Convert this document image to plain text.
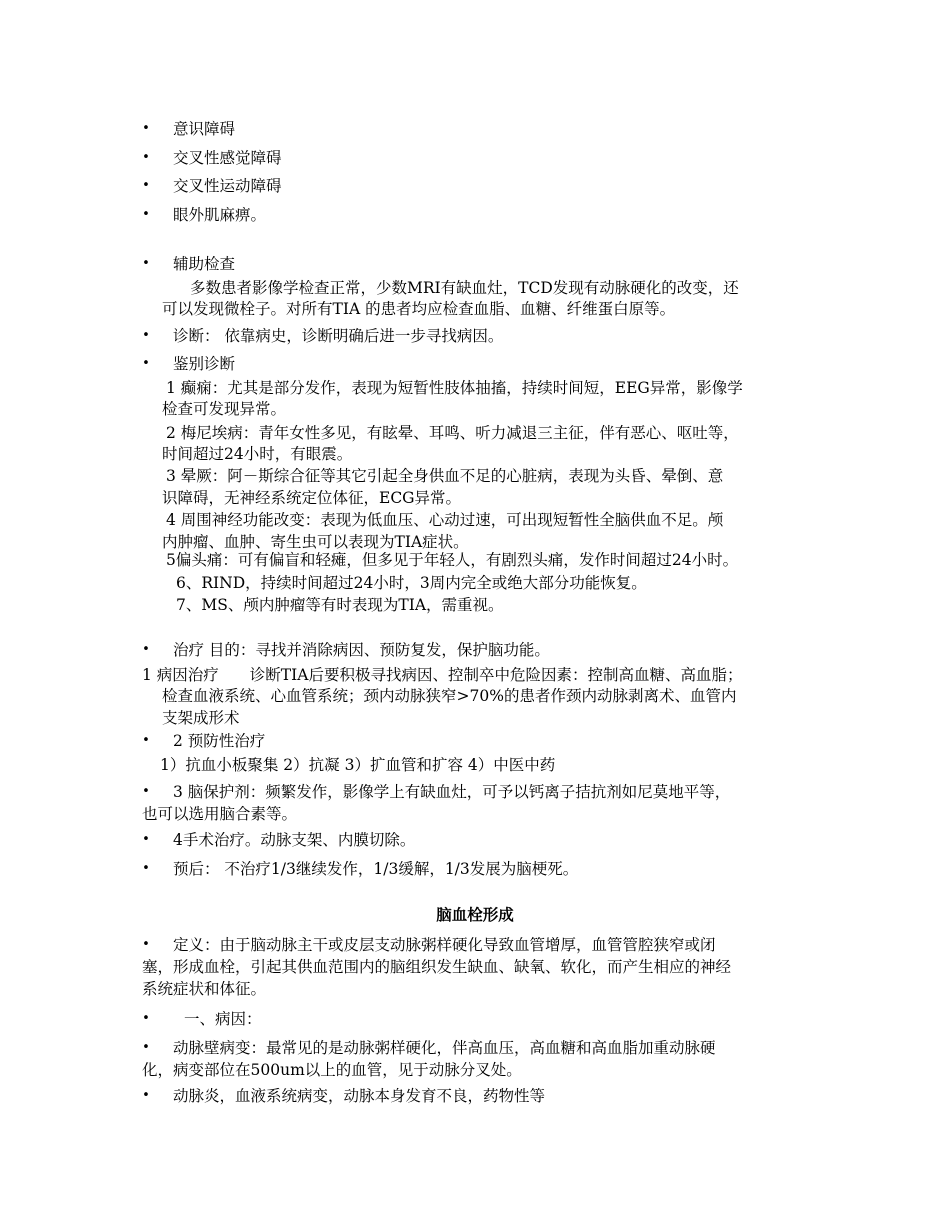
•	意识障碍
•	交叉性感觉障碍
•	交叉性运动障碍
•	眼外肌麻痹。
•	辅助检查
多数患者影像学检查正常，少数MRI有缺血灶，TCD发现有动脉硬化的改变，还
可以发现微栓子。对所有TIA 的患者均应检查血脂、血糖、纤维蛋白原等。
•	诊断： 依靠病史，诊断明确后进一步寻找病因。
•	鉴别诊断
1 癫痫：尤其是部分发作，表现为短暂性肢体抽搐，持续时间短，EEG异常，影像学
检查可发现异常。
2 梅尼埃病：青年女性多见，有眩晕、耳鸣、听力减退三主征，伴有恶心、呕吐等，
时间超过24小时，有眼震。
3 晕厥：阿－斯综合征等其它引起全身供血不足的心脏病，表现为头昏、晕倒、意
识障碍，无神经系统定位体征，ECG异常。
4 周围神经功能改变：表现为低血压、心动过速，可出现短暂性全脑供血不足。颅
内肿瘤、血肿、寄生虫可以表现为TIA症状。
5偏头痛：可有偏盲和轻瘫，但多见于年轻人，有剧烈头痛，发作时间超过24小时。
6、RIND，持续时间超过24小时，3周内完全或绝大部分功能恢复。
7、MS、颅内肿瘤等有时表现为TIA，需重视。
•	治疗 目的：寻找并消除病因、预防复发，保护脑功能。
1 病因治疗　　诊断TIA后要积极寻找病因、控制卒中危险因素：控制高血糖、高血脂；
检查血液系统、心血管系统；颈内动脉狭窄>70%的患者作颈内动脉剥离术、血管内
支架成形术
•	2 预防性治疗
1）抗血小板聚集 2）抗凝 3）扩血管和扩容 4）中医中药
•	3 脑保护剂：频繁发作，影像学上有缺血灶，可予以钙离子拮抗剂如尼莫地平等，
也可以选用脑合素等。
•	4手术治疗。动脉支架、内膜切除。
•	预后： 不治疗1/3继续发作，1/3缓解，1/3发展为脑梗死。
脑血栓形成
•	定义：由于脑动脉主干或皮层支动脉粥样硬化导致血管增厚，血管管腔狭窄或闭
塞，形成血栓，引起其供血范围内的脑组织发生缺血、缺氧、软化，而产生相应的神经
系统症状和体征。
•	一、病因：
•	动脉壁病变：最常见的是动脉粥样硬化，伴高血压，高血糖和高血脂加重动脉硬
化，病变部位在500um以上的血管，见于动脉分叉处。
•	动脉炎，血液系统病变，动脉本身发育不良，药物性等
